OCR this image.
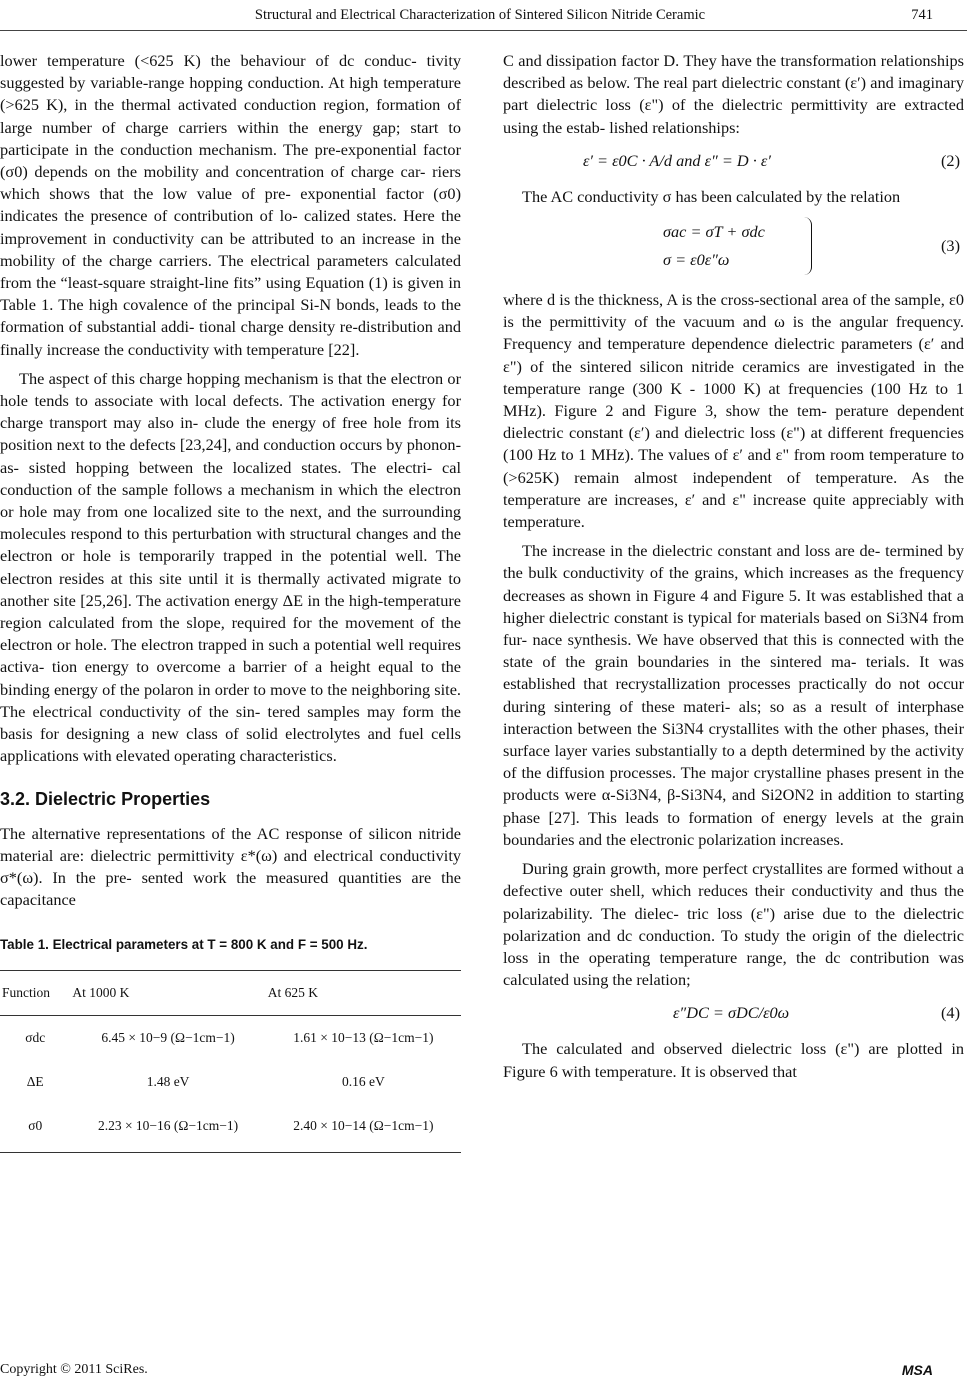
Structural and Electrical Characterization of Sintered Silicon Nitride Ceramic	741

lower temperature (<625 K) the behaviour of dc conduc- tivity suggested by variable-range hopping conduction. At high temperature (>625 K), in the thermal activated conduction region, formation of large number of charge carriers within the energy gap; start to participate in the conduction mechanism. The pre-exponential factor (σ0) depends on the mobility and concentration of charge car- riers which shows that the low value of pre- exponential factor (σ0) indicates the presence of contribution of lo- calized states. Here the improvement in conductivity can be attributed to an increase in the mobility of the charge carriers. The electrical parameters calculated from the “least-square straight-line fits” using Equation (1) is given in Table 1. The high covalence of the principal Si-N bonds, leads to the formation of substantial addi- tional charge density re-distribution and finally increase the conductivity with temperature [22].

The aspect of this charge hopping mechanism is that the electron or hole tends to associate with local defects. The activation energy for charge transport may also in- clude the energy of free hole from its position next to the defects [23,24], and conduction occurs by phonon-as- sisted hopping between the localized states. The electri- cal conduction of the sample follows a mechanism in which the electron or hole may from one localized site to the next, and the surrounding molecules respond to this perturbation with structural changes and the electron or hole is temporarily trapped in the potential well. The electron resides at this site until it is thermally activated migrate to another site [25,26]. The activation energy ΔE in the high-temperature region calculated from the slope, required for the movement of the electron or hole. The electron trapped in such a potential well requires activa- tion energy to overcome a barrier of a height equal to the binding energy of the polaron in order to move to the neighboring site. The electrical conductivity of the sin- tered samples may form the basis for designing a new class of solid electrolytes and fuel cells applications with elevated operating characteristics.

3.2. Dielectric Properties

The alternative representations of the AC response of silicon nitride material are: dielectric permittivity ε*(ω) and electrical conductivity σ*(ω). In the pre- sented work the measured quantities are the capacitance

Table 1. Electrical parameters at T = 800 K and F = 500 Hz.
Function	At 1000 K	At 625 K
σdc	6.45 × 10−9 (Ω−1cm−1)	1.61 × 10−13 (Ω−1cm−1)
ΔE	1.48 eV	0.16 eV
σ0	2.23 × 10−16 (Ω−1cm−1)	2.40 × 10−14 (Ω−1cm−1)

C and dissipation factor D. They have the transformation relationships described as below. The real part dielectric constant (ε′) and imaginary part dielectric loss (ε") of the dielectric permittivity are extracted using the estab- lished relationships:

ε′ = ε0C · A/d and ε″ = D · ε′	(2)

The AC conductivity σ has been calculated by the relation

σac = σT + σdc
σ = ε0ε″ω
(3)

where d is the thickness, A is the cross-sectional area of the sample, ε0 is the permittivity of the vacuum and ω is the angular frequency. Frequency and temperature dependence dielectric parameters (ε′ and ε") of the sintered silicon nitride ceramics are investigated in the temperature range (300 K - 1000 K) at frequencies (100 Hz to 1 MHz). Figure 2 and Figure 3, show the tem- perature dependent dielectric constant (ε′) and dielectric loss (ε") at different frequencies (100 Hz to 1 MHz). The values of ε′ and ε" from room temperature to (>625K) remain almost independent of temperature. As the temperature are increases, ε′ and ε" increase quite appreciably with temperature.

The increase in the dielectric constant and loss are de- termined by the bulk conductivity of the grains, which increases as the frequency decreases as shown in Figure 4 and Figure 5. It was established that a higher dielectric constant is typical for materials based on Si3N4 from fur- nace synthesis. We have observed that this is connected with the state of the grain boundaries in the sintered ma- terials. It was established that recrystallization processes practically do not occur during sintering of these materi- als; so as a result of interphase interaction between the Si3N4 crystallites with the other phases, their surface layer varies substantially to a depth determined by the activity of the diffusion processes. The major crystalline phases present in the products were α-Si3N4, β-Si3N4, and Si2ON2 in addition to starting phase [27]. This leads to formation of energy levels at the grain boundaries and the electronic polarization increases.

During grain growth, more perfect crystallites are formed without a defective outer shell, which reduces their conductivity and thus the polarizability. The dielec- tric loss (ε") arise due to the dielectric polarization and dc conduction. To study the origin of the dielectric loss in the operating temperature range, the dc contribution was calculated using the relation;

ε″DC = σDC/ε0ω	(4)

The calculated and observed dielectric loss (ε") are plotted in Figure 6 with temperature. It is observed that

Copyright © 2011 SciRes.	MSA
